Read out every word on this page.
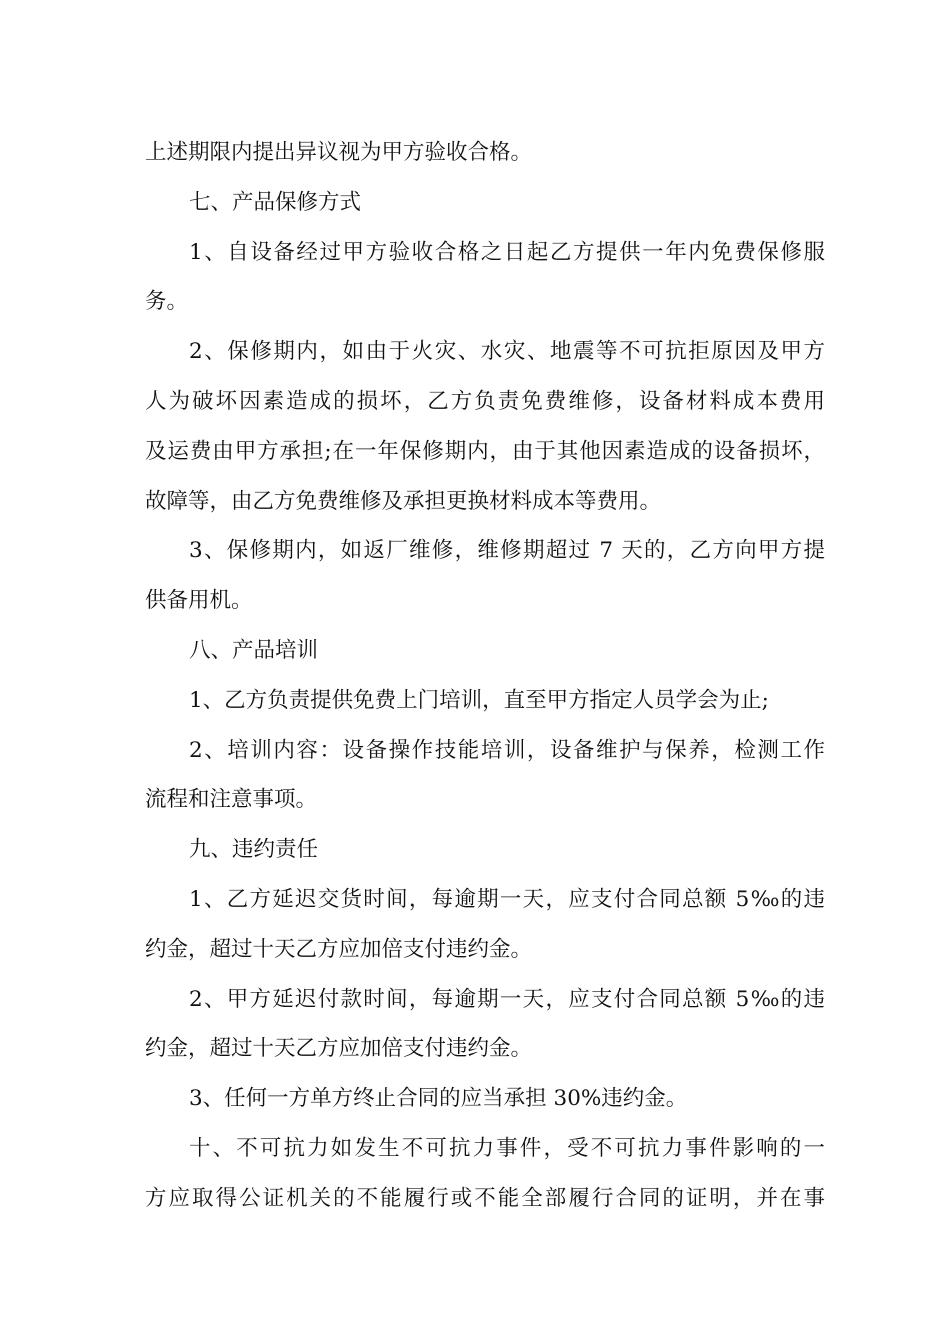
上述期限内提出异议视为甲方验收合格。
七、产品保修方式
1、自设备经过甲方验收合格之日起乙方提供一年内免费保修服
务。
2、保修期内，如由于火灾、水灾、地震等不可抗拒原因及甲方
人为破坏因素造成的损坏，乙方负责免费维修，设备材料成本费用
及运费由甲方承担;在一年保修期内，由于其他因素造成的设备损坏，
故障等，由乙方免费维修及承担更换材料成本等费用。
3、保修期内，如返厂维修，维修期超过 7 天的，乙方向甲方提
供备用机。
八、产品培训
1、乙方负责提供免费上门培训，直至甲方指定人员学会为止;
2、培训内容：设备操作技能培训，设备维护与保养，检测工作
流程和注意事项。
九、违约责任
1、乙方延迟交货时间，每逾期一天，应支付合同总额 5‰的违
约金，超过十天乙方应加倍支付违约金。
2、甲方延迟付款时间，每逾期一天，应支付合同总额 5‰的违
约金，超过十天乙方应加倍支付违约金。
3、任何一方单方终止合同的应当承担 30%违约金。
十、不可抗力如发生不可抗力事件，受不可抗力事件影响的一
方应取得公证机关的不能履行或不能全部履行合同的证明，并在事
